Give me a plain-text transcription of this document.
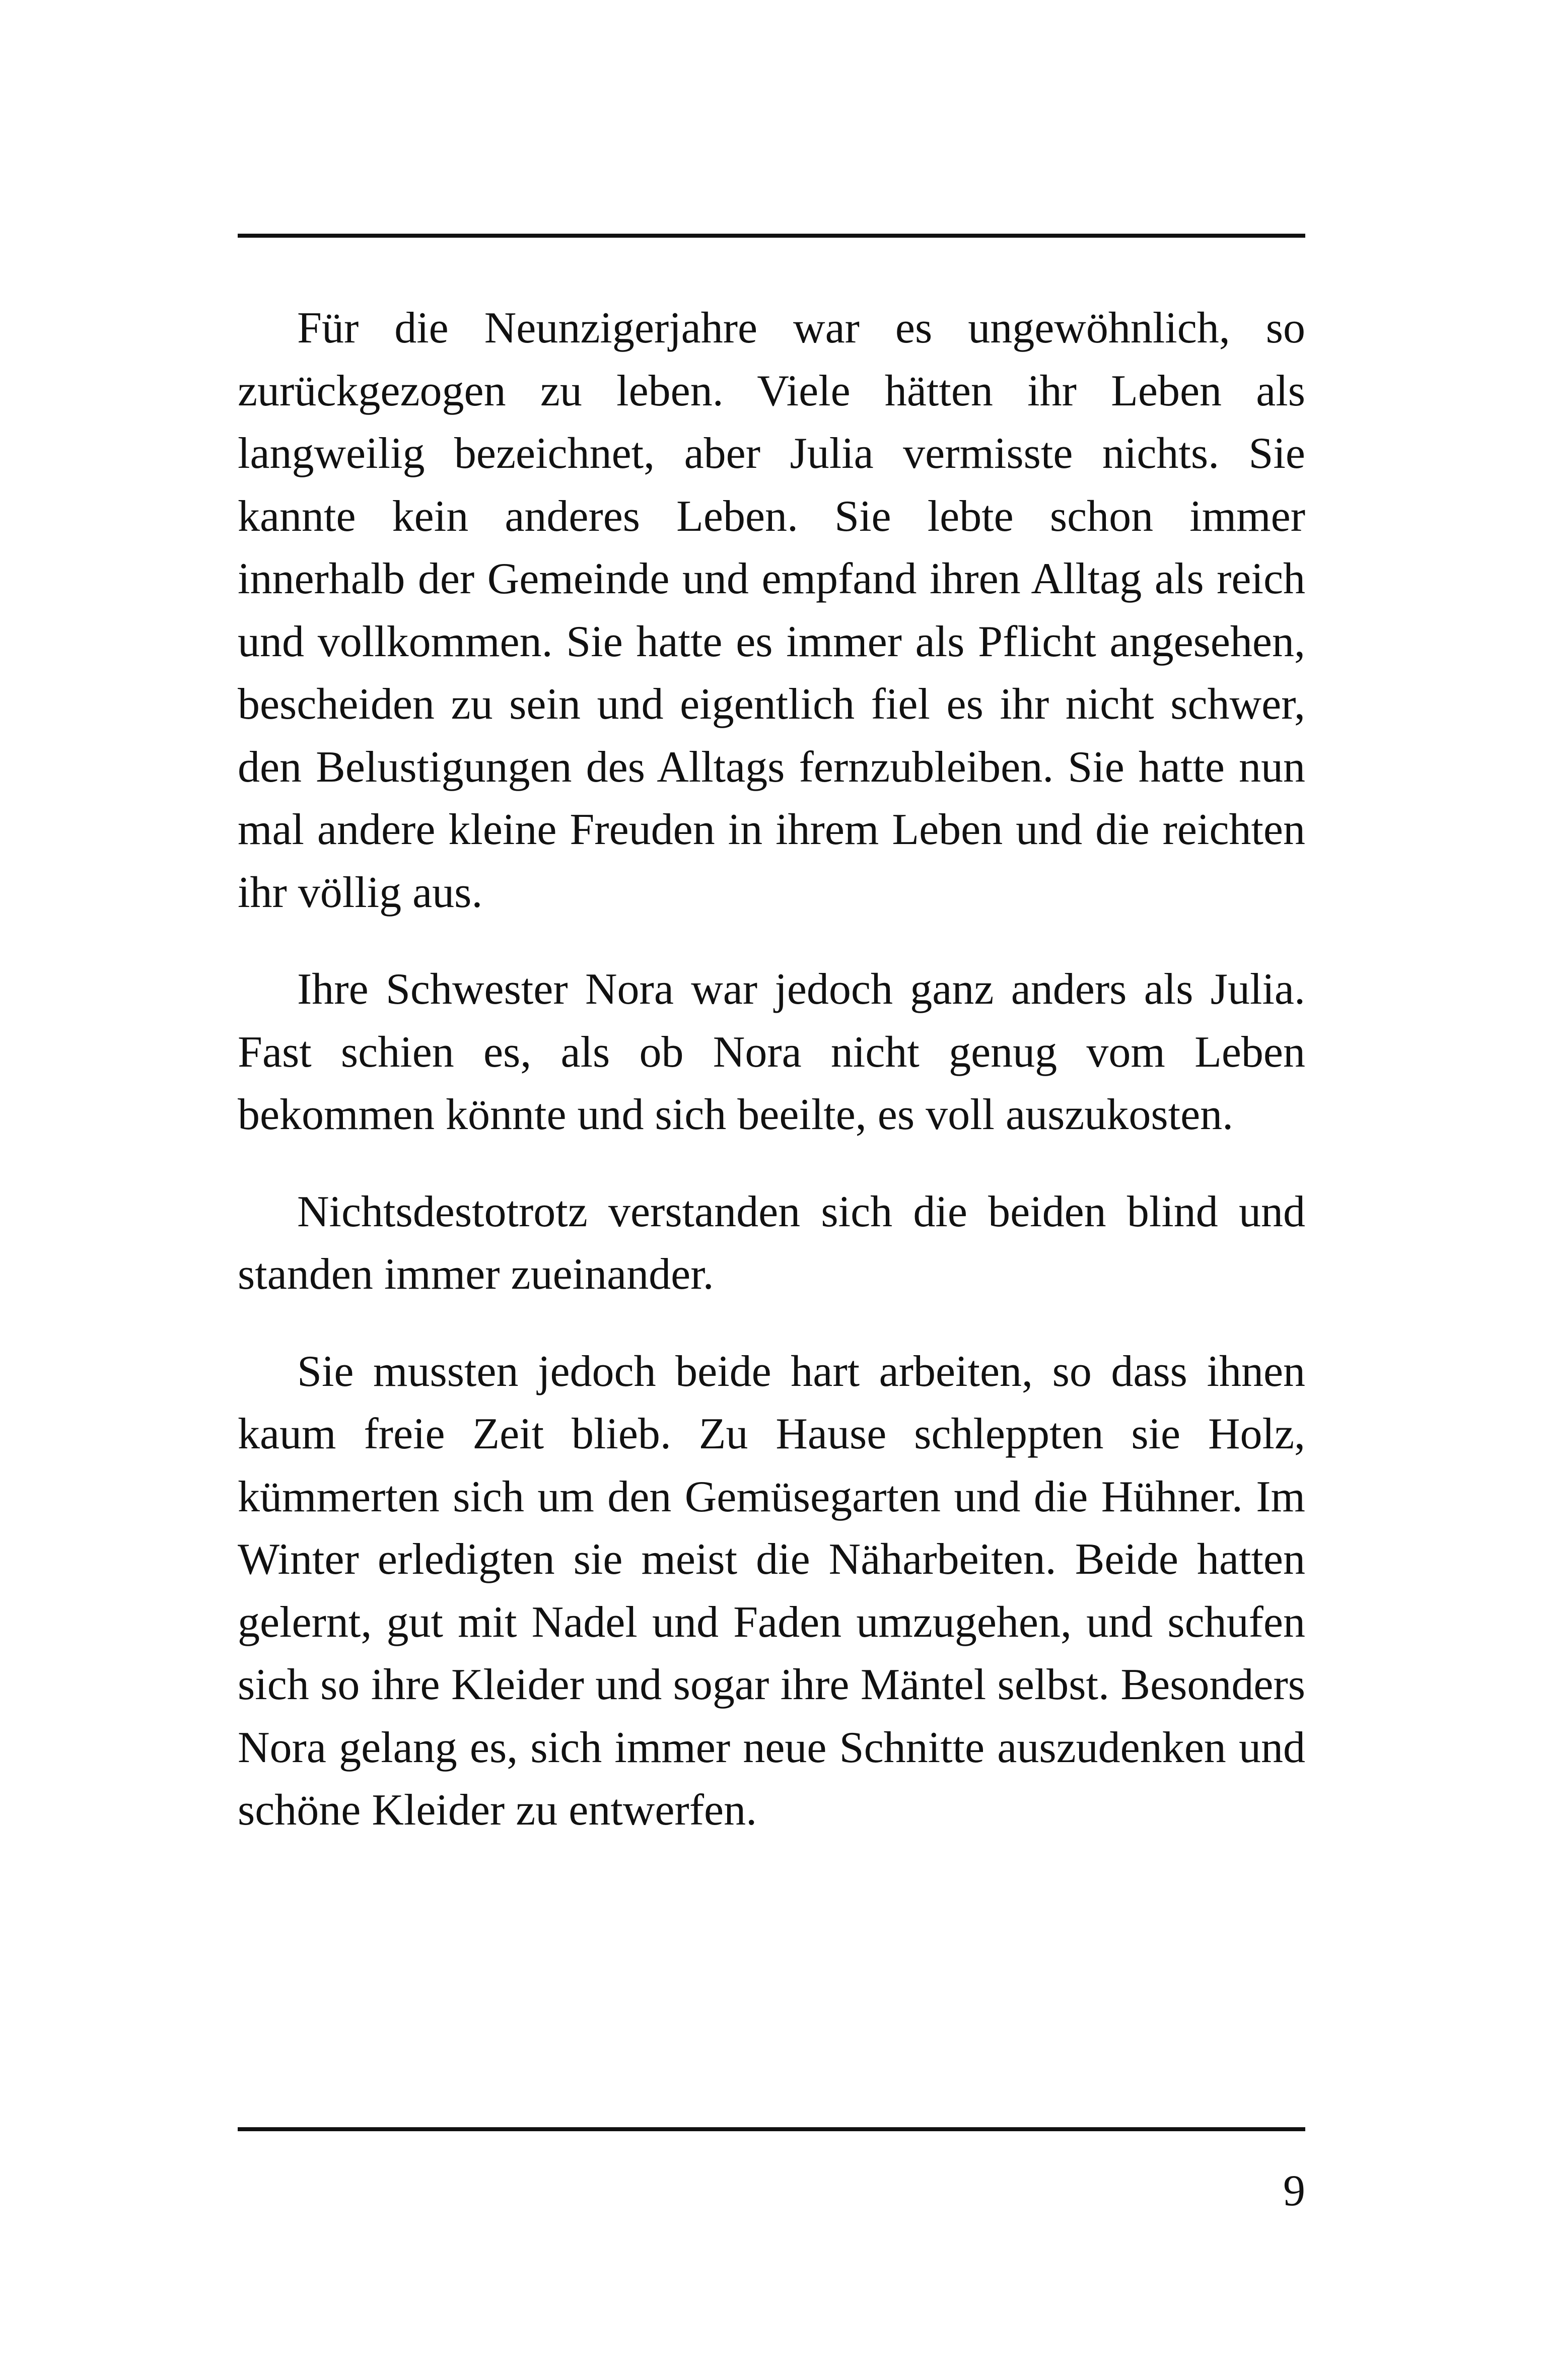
Für die Neunzigerjahre war es ungewöhnlich, so zurückgezogen zu leben. Viele hätten ihr Leben als langweilig bezeichnet, aber Julia vermisste nichts. Sie kannte kein anderes Leben. Sie lebte schon immer innerhalb der Gemeinde und empfand ihren Alltag als reich und vollkommen. Sie hatte es immer als Pflicht angesehen, bescheiden zu sein und eigentlich fiel es ihr nicht schwer, den Belustigungen des Alltags fernzubleiben. Sie hatte nun mal andere kleine Freuden in ihrem Leben und die reichten ihr völlig aus.

Ihre Schwester Nora war jedoch ganz anders als Julia. Fast schien es, als ob Nora nicht genug vom Leben bekommen könnte und sich beeilte, es voll auszukosten.

Nichtsdestotrotz verstanden sich die beiden blind und standen immer zueinander.

Sie mussten jedoch beide hart arbeiten, so dass ihnen kaum freie Zeit blieb. Zu Hause schleppten sie Holz, kümmerten sich um den Gemüsegarten und die Hühner. Im Winter erledigten sie meist die Näharbeiten. Beide hatten gelernt, gut mit Nadel und Faden umzugehen, und schufen sich so ihre Kleider und sogar ihre Mäntel selbst. Besonders Nora gelang es, sich immer neue Schnitte auszudenken und schöne Kleider zu entwerfen.

9
